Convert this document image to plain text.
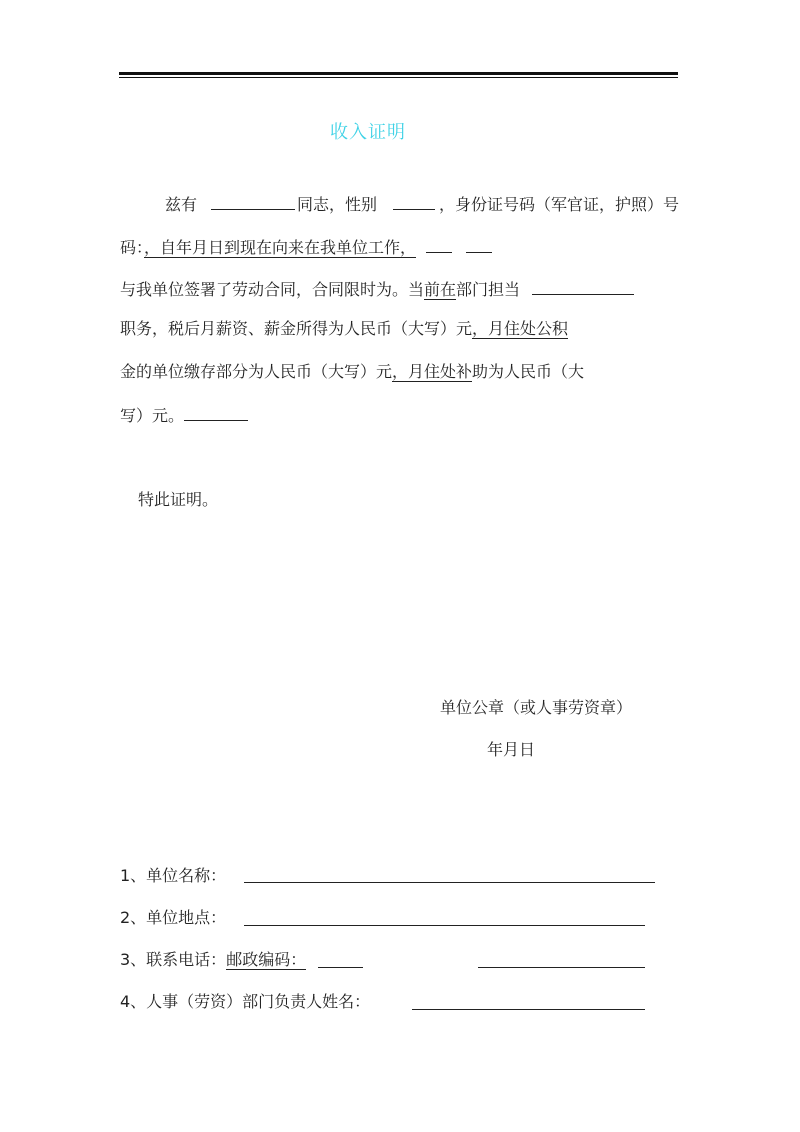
收入证明
兹有	同志，性别	，身份证号码（军官证，护照）号
码：，自年月日到现在向来在我单位工作，
与我单位签署了劳动合同，合同限时为。当前在部门担当
职务，税后月薪资、薪金所得为人民币（大写）元，月住处公积
金的单位缴存部分为人民币（大写）元，月住处补助为人民币（大
写）元。
特此证明。
单位公章（或人事劳资章）
年月日
1、单位名称：
2、单位地点：
3、联系电话：邮政编码：
4、人事（劳资）部门负责人姓名：
